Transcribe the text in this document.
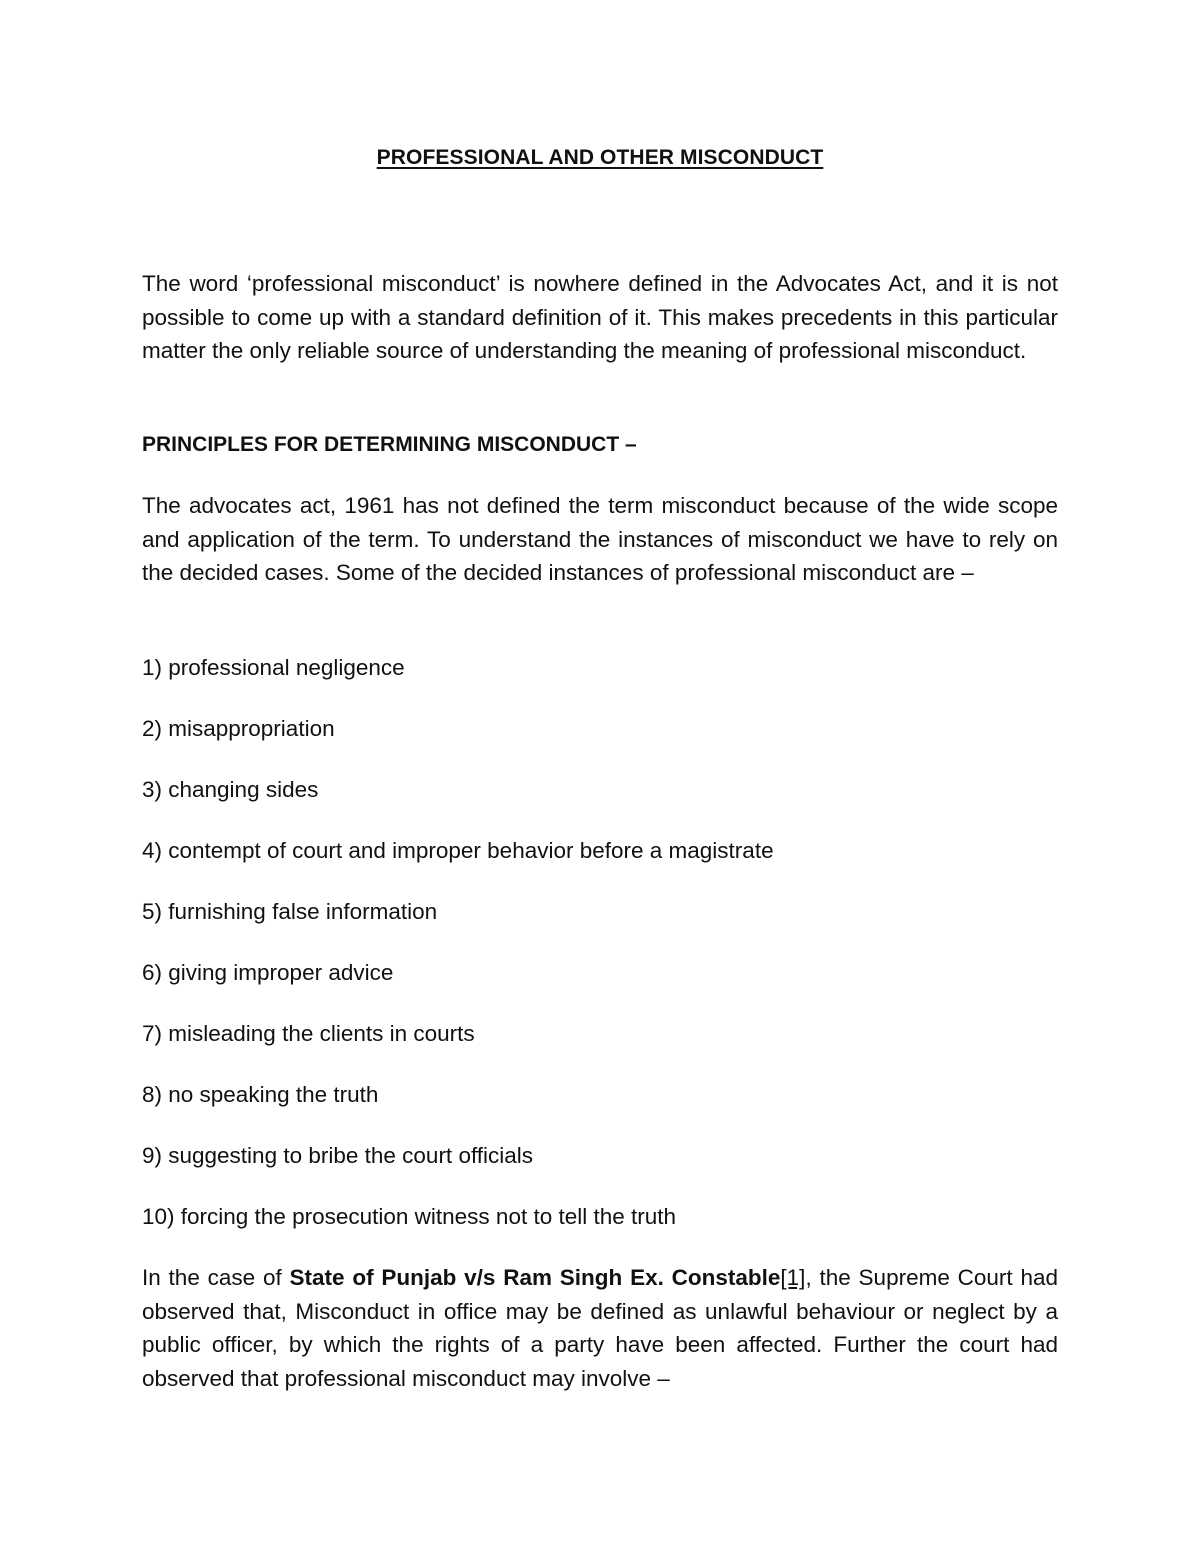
PROFESSIONAL AND OTHER MISCONDUCT

The word ‘professional misconduct’ is nowhere defined in the Advocates Act, and it is not possible to come up with a standard definition of it. This makes precedents in this particular matter the only reliable source of understanding the meaning of professional misconduct.

PRINCIPLES FOR DETERMINING MISCONDUCT –

The advocates act, 1961 has not defined the term misconduct because of the wide scope and application of the term. To understand the instances of misconduct we have to rely on the decided cases. Some of the decided instances of professional misconduct are –

1) professional negligence
2) misappropriation
3) changing sides
4) contempt of court and improper behavior before a magistrate
5) furnishing false information
6) giving improper advice
7) misleading the clients in courts
8) no speaking the truth
9) suggesting to bribe the court officials
10) forcing the prosecution witness not to tell the truth

In the case of State of Punjab v/s Ram Singh Ex. Constable[1], the Supreme Court had observed that, Misconduct in office may be defined as unlawful behaviour or neglect by a public officer, by which the rights of a party have been affected. Further the court had observed that professional misconduct may involve –
